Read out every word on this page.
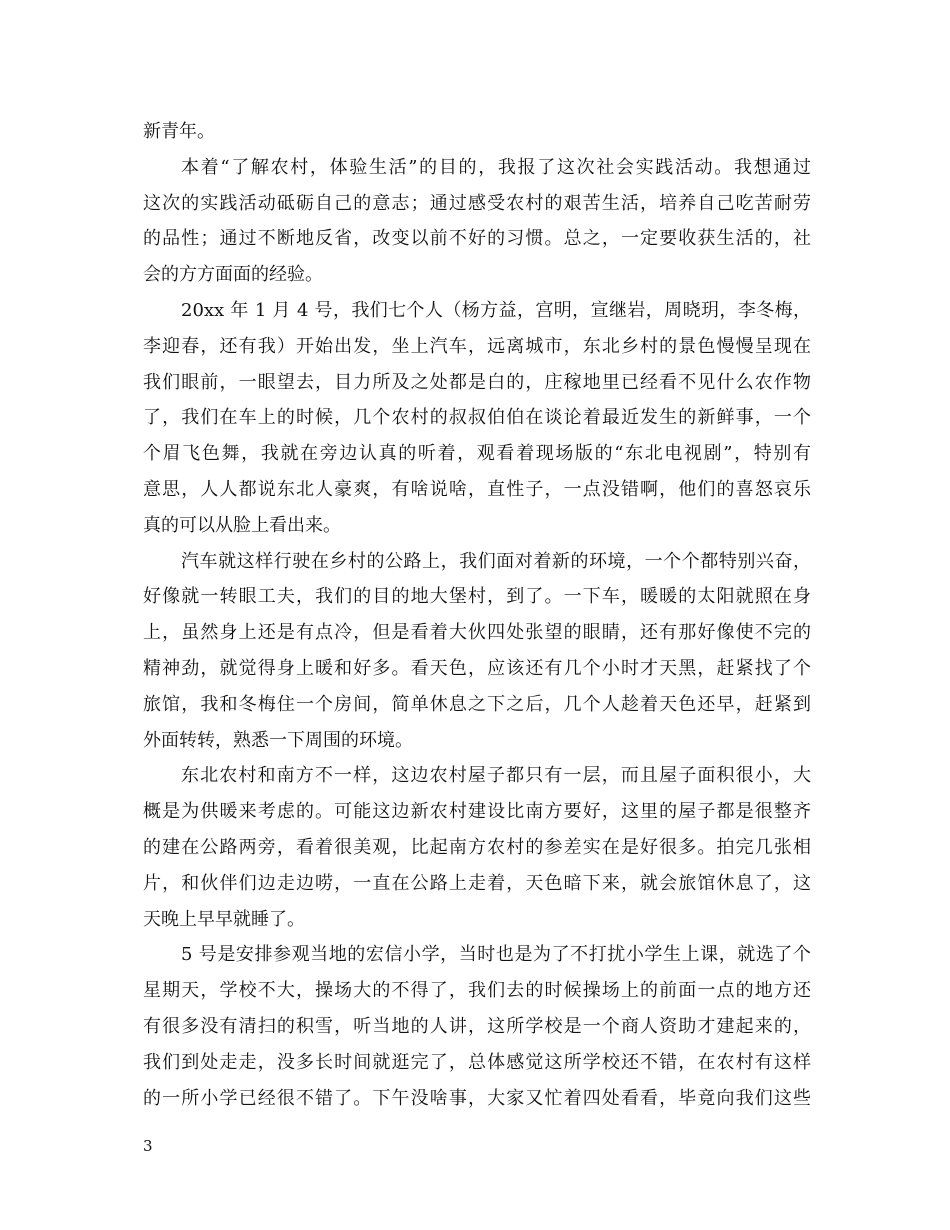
新青年。
本着“了解农村，体验生活”的目的，我报了这次社会实践活动。我想通过
这次的实践活动砥砺自己的意志；通过感受农村的艰苦生活，培养自己吃苦耐劳
的品性；通过不断地反省，改变以前不好的习惯。总之，一定要收获生活的，社
会的方方面面的经验。
20xx 年 1 月 4 号，我们七个人（杨方益，宫明，宣继岩，周晓玥，李冬梅，
李迎春，还有我）开始出发，坐上汽车，远离城市，东北乡村的景色慢慢呈现在
我们眼前，一眼望去，目力所及之处都是白的，庄稼地里已经看不见什么农作物
了，我们在车上的时候，几个农村的叔叔伯伯在谈论着最近发生的新鲜事，一个
个眉飞色舞，我就在旁边认真的听着，观看着现场版的“东北电视剧”，特别有
意思，人人都说东北人豪爽，有啥说啥，直性子，一点没错啊，他们的喜怒哀乐
真的可以从脸上看出来。
汽车就这样行驶在乡村的公路上，我们面对着新的环境，一个个都特别兴奋，
好像就一转眼工夫，我们的目的地大堡村，到了。一下车，暖暖的太阳就照在身
上，虽然身上还是有点冷，但是看着大伙四处张望的眼睛，还有那好像使不完的
精神劲，就觉得身上暖和好多。看天色，应该还有几个小时才天黑，赶紧找了个
旅馆，我和冬梅住一个房间，简单休息之下之后，几个人趁着天色还早，赶紧到
外面转转，熟悉一下周围的环境。
东北农村和南方不一样，这边农村屋子都只有一层，而且屋子面积很小，大
概是为供暖来考虑的。可能这边新农村建设比南方要好，这里的屋子都是很整齐
的建在公路两旁，看着很美观，比起南方农村的参差实在是好很多。拍完几张相
片，和伙伴们边走边唠，一直在公路上走着，天色暗下来，就会旅馆休息了，这
天晚上早早就睡了。
5 号是安排参观当地的宏信小学，当时也是为了不打扰小学生上课，就选了个
星期天，学校不大，操场大的不得了，我们去的时候操场上的前面一点的地方还
有很多没有清扫的积雪，听当地的人讲，这所学校是一个商人资助才建起来的，
我们到处走走，没多长时间就逛完了，总体感觉这所学校还不错，在农村有这样
的一所小学已经很不错了。下午没啥事，大家又忙着四处看看，毕竟向我们这些
3
